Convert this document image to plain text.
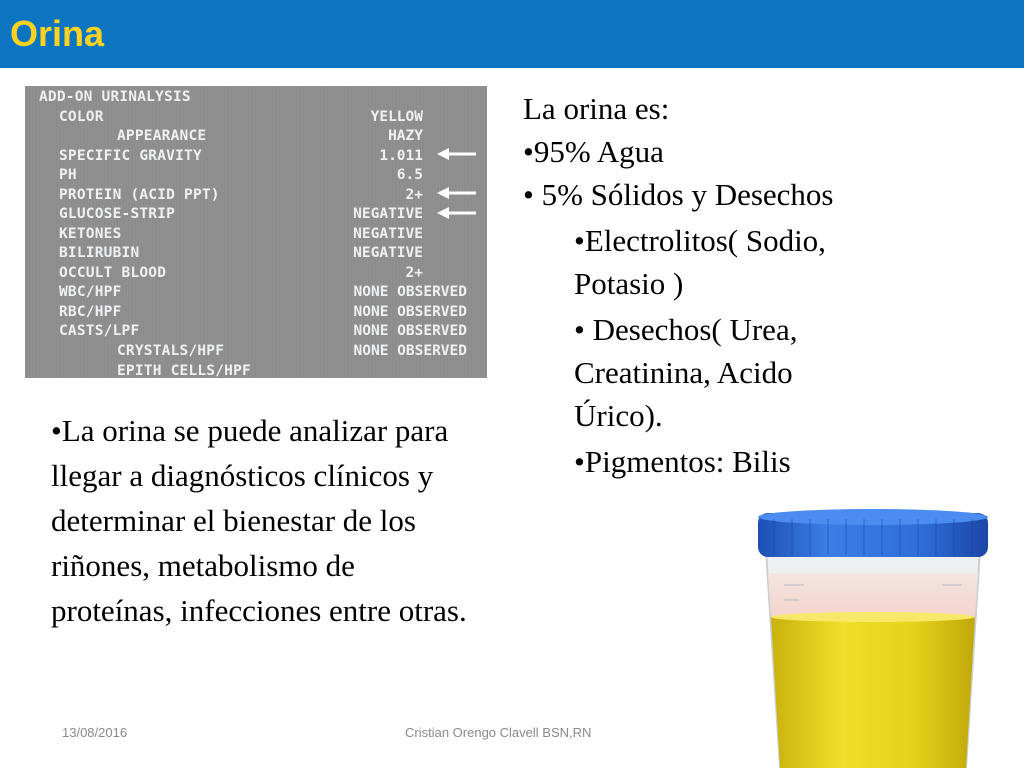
Orina
ADD-ON URINALYSIS
COLOR	YELLOW
APPEARANCE	HAZY
SPECIFIC GRAVITY	1.011
PH	6.5
PROTEIN (ACID PPT)	2+
GLUCOSE-STRIP	NEGATIVE
KETONES	NEGATIVE
BILIRUBIN	NEGATIVE
OCCULT BLOOD	2+
WBC/HPF	NONE OBSERVED
RBC/HPF	NONE OBSERVED
CASTS/LPF	NONE OBSERVED
CRYSTALS/HPF	NONE OBSERVED
EPITH CELLS/HPF
La orina es:
•95% Agua
• 5% Sólidos y Desechos
•Electrolitos( Sodio,
Potasio )
• Desechos( Urea,
Creatinina, Acido
Úrico).
•Pigmentos: Bilis
•La orina se puede analizar para llegar a diagnósticos clínicos y determinar el bienestar de los riñones, metabolismo de proteínas, infecciones entre otras.
13/08/2016	Cristian Orengo Clavell BSN,RN
